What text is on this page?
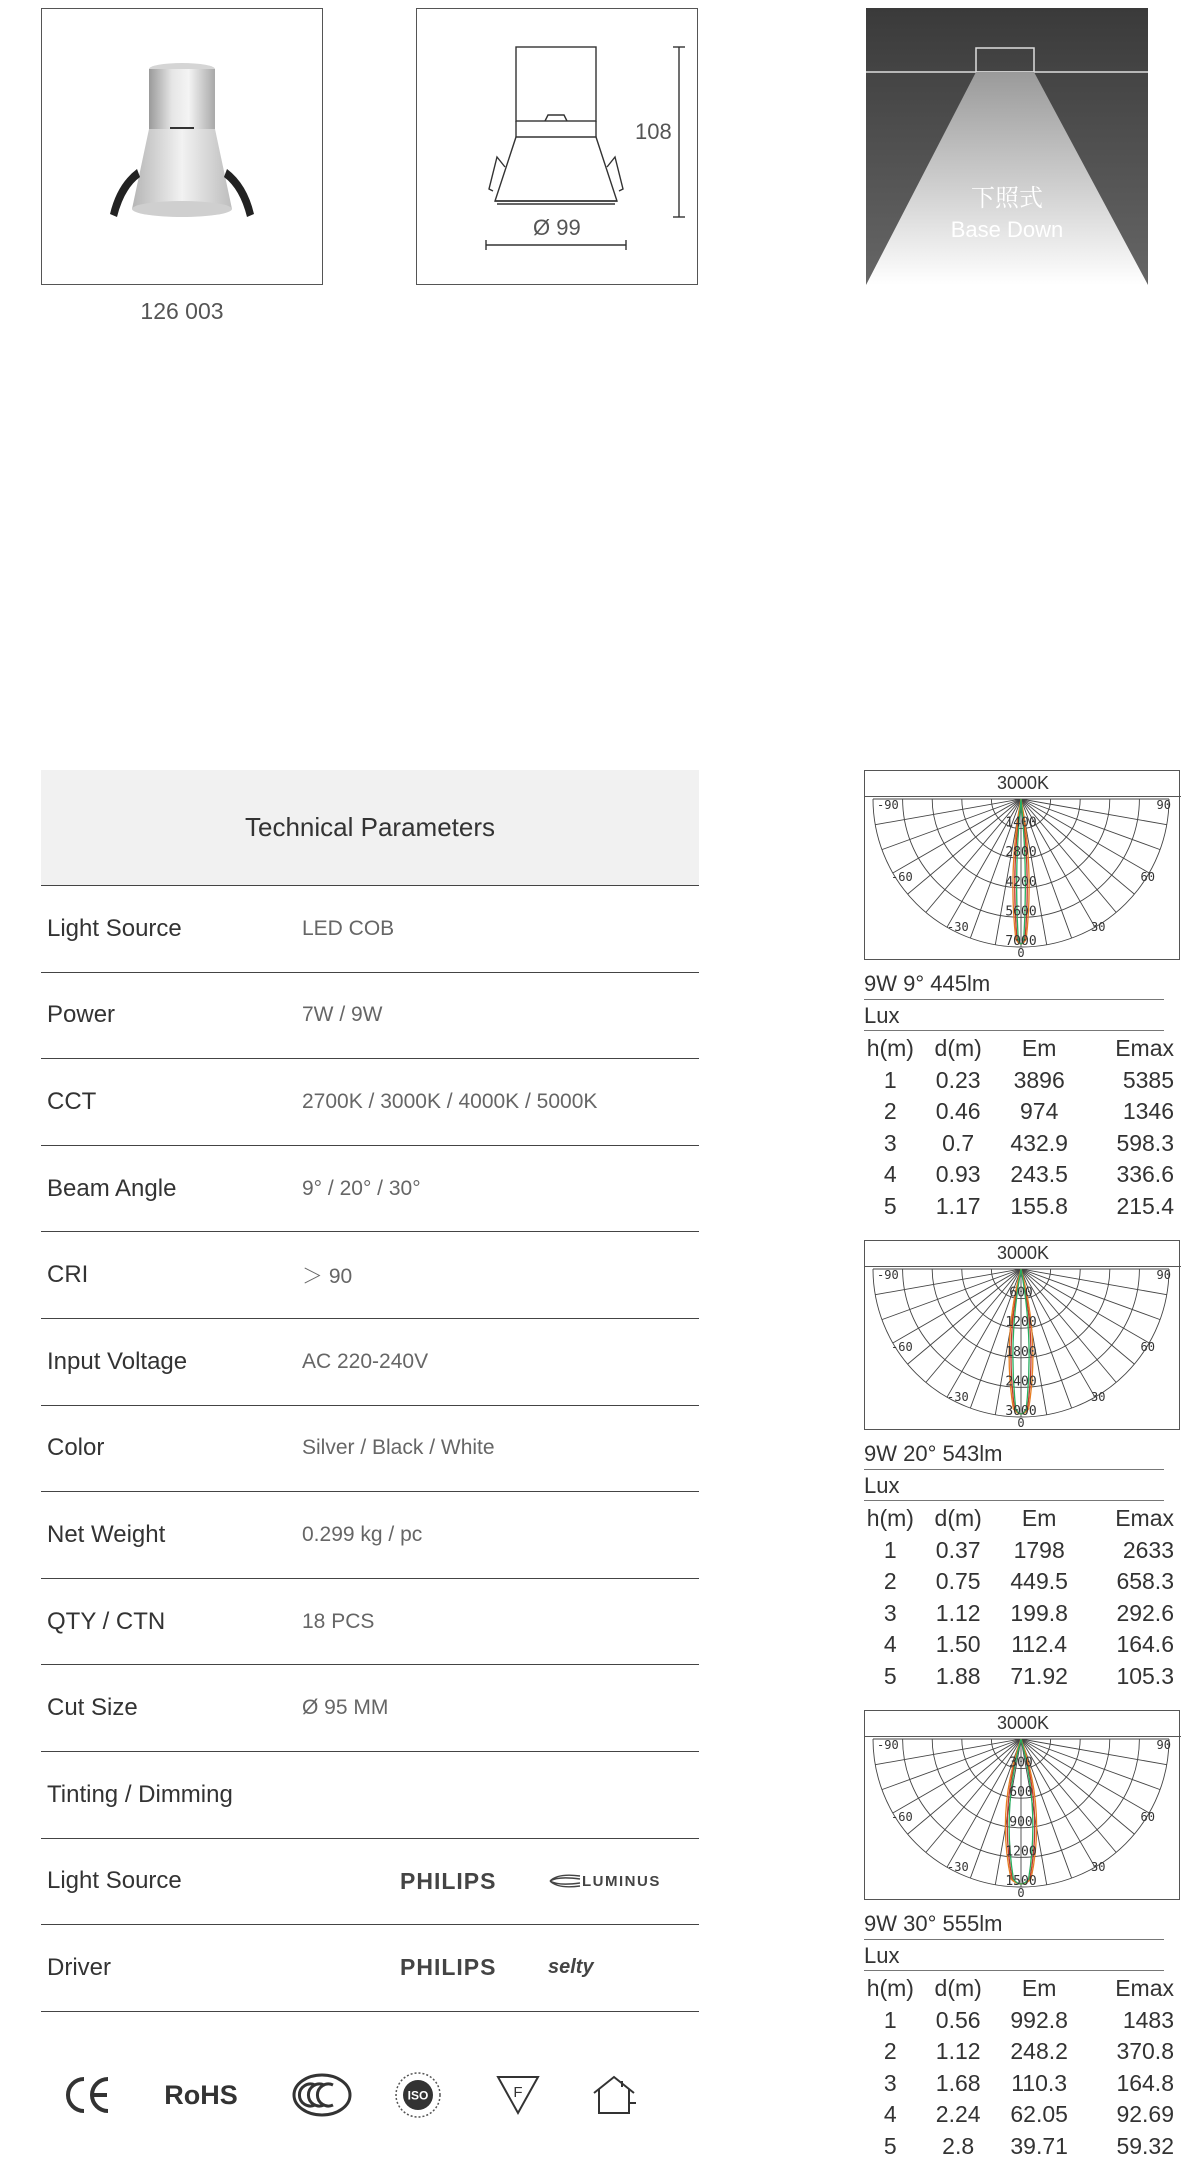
126 003
108
Ø 99
下照式
Base Down
Technical Parameters
Light Source	LED COB
Power	7W / 9W
CCT	2700K / 3000K / 4000K / 5000K
Beam Angle	9° / 20° / 30°
CRI	＞ 90
Input Voltage	AC 220-240V
Color	Silver / Black / White
Net Weight	0.299 kg / pc
QTY / CTN	18 PCS
Cut Size	Ø 95 MM
Tinting / Dimming
Light Source	PHILIPS	LUMINUS
Driver	PHILIPS	selty
RoHS	ISO	F
3000K
1400
2800
4200
5600
7000
-90	90
-60	60
-30	30
0
9W 9° 445lm
Lux
h(m)	d(m)	Em	Emax
1	0.23	3896	5385
2	0.46	974	1346
3	0.7	432.9	598.3
4	0.93	243.5	336.6
5	1.17	155.8	215.4
3000K
600
1200
1800
2400
3000
-90	90
-60	60
-30	30
0
9W 20° 543lm
Lux
h(m)	d(m)	Em	Emax
1	0.37	1798	2633
2	0.75	449.5	658.3
3	1.12	199.8	292.6
4	1.50	112.4	164.6
5	1.88	71.92	105.3
3000K
300
600
900
1200
1500
-90	90
-60	60
-30	30
0
9W 30° 555lm
Lux
h(m)	d(m)	Em	Emax
1	0.56	992.8	1483
2	1.12	248.2	370.8
3	1.68	110.3	164.8
4	2.24	62.05	92.69
5	2.8	39.71	59.32
